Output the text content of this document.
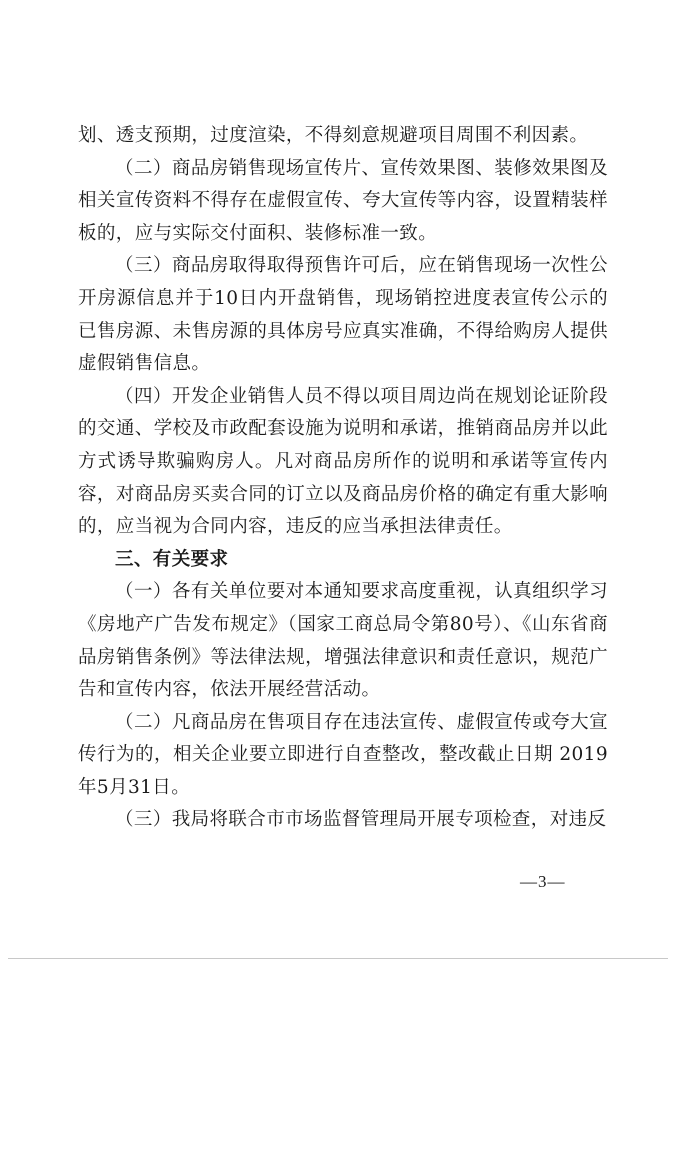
划、透支预期，过度渲染，不得刻意规避项目周围不利因素。

（二）商品房销售现场宣传片、宣传效果图、装修效果图及相关宣传资料不得存在虚假宣传、夸大宣传等内容，设置精装样板的，应与实际交付面积、装修标准一致。

（三）商品房取得取得预售许可后，应在销售现场一次性公开房源信息并于10日内开盘销售，现场销控进度表宣传公示的已售房源、未售房源的具体房号应真实准确，不得给购房人提供虚假销售信息。

（四）开发企业销售人员不得以项目周边尚在规划论证阶段的交通、学校及市政配套设施为说明和承诺，推销商品房并以此方式诱导欺骗购房人。凡对商品房所作的说明和承诺等宣传内容，对商品房买卖合同的订立以及商品房价格的确定有重大影响的，应当视为合同内容，违反的应当承担法律责任。

三、有关要求

（一）各有关单位要对本通知要求高度重视，认真组织学习《房地产广告发布规定》（国家工商总局令第80号）、《山东省商品房销售条例》等法律法规，增强法律意识和责任意识，规范广告和宣传内容，依法开展经营活动。

（二）凡商品房在售项目存在违法宣传、虚假宣传或夸大宣传行为的，相关企业要立即进行自查整改，整改截止日期 2019年5月31日。

（三）我局将联合市市场监督管理局开展专项检查，对违反

—3—
